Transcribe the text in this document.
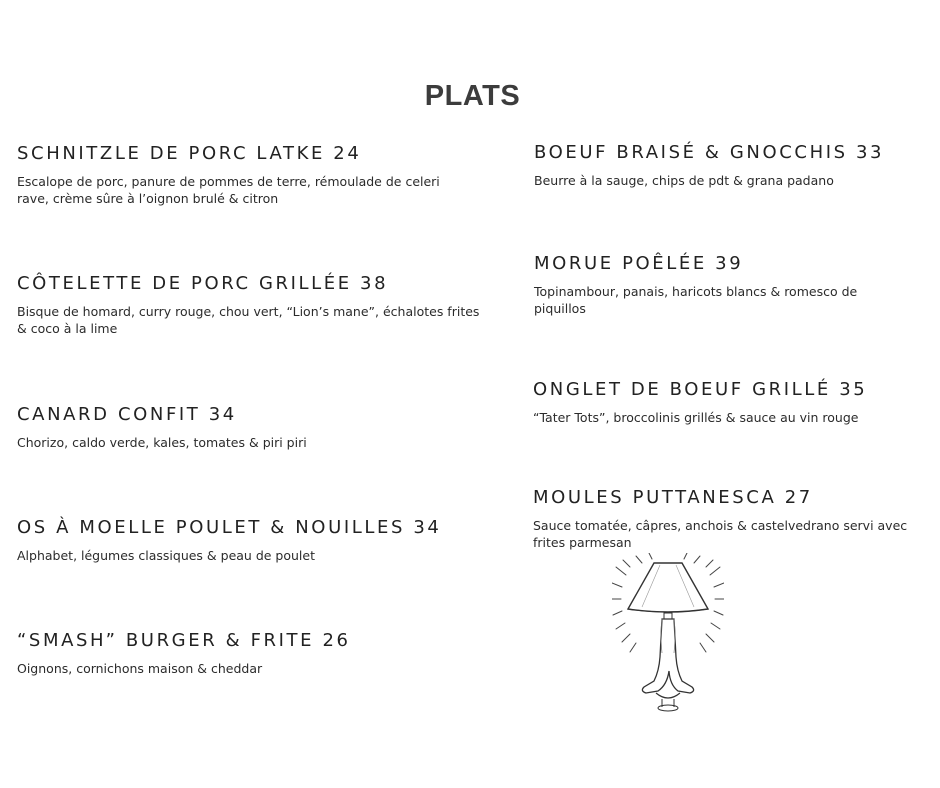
PLATS
SCHNITZLE DE PORC LATKE 24
Escalope de porc, panure de pommes de terre, rémoulade de celeri rave, crème sûre à l’oignon brulé & citron
CÔTELETTE DE PORC GRILLÉE 38
Bisque de homard, curry rouge, chou vert, “Lion’s mane”, échalotes frites & coco à la lime
CANARD CONFIT 34
Chorizo, caldo verde, kales, tomates & piri piri
OS À MOELLE POULET & NOUILLES 34
Alphabet, légumes classiques & peau de poulet
“SMASH” BURGER & FRITE 26
Oignons, cornichons maison & cheddar
BOEUF BRAISÉ & GNOCCHIS 33
Beurre à la sauge, chips de pdt & grana padano
MORUE POÊLÉE 39
Topinambour, panais, haricots blancs & romesco de piquillos
ONGLET DE BOEUF GRILLÉ 35
“Tater Tots”, broccolinis grillés & sauce au vin rouge
MOULES PUTTANESCA 27
Sauce tomatée, câpres, anchois & castelvedrano servi avec frites parmesan
